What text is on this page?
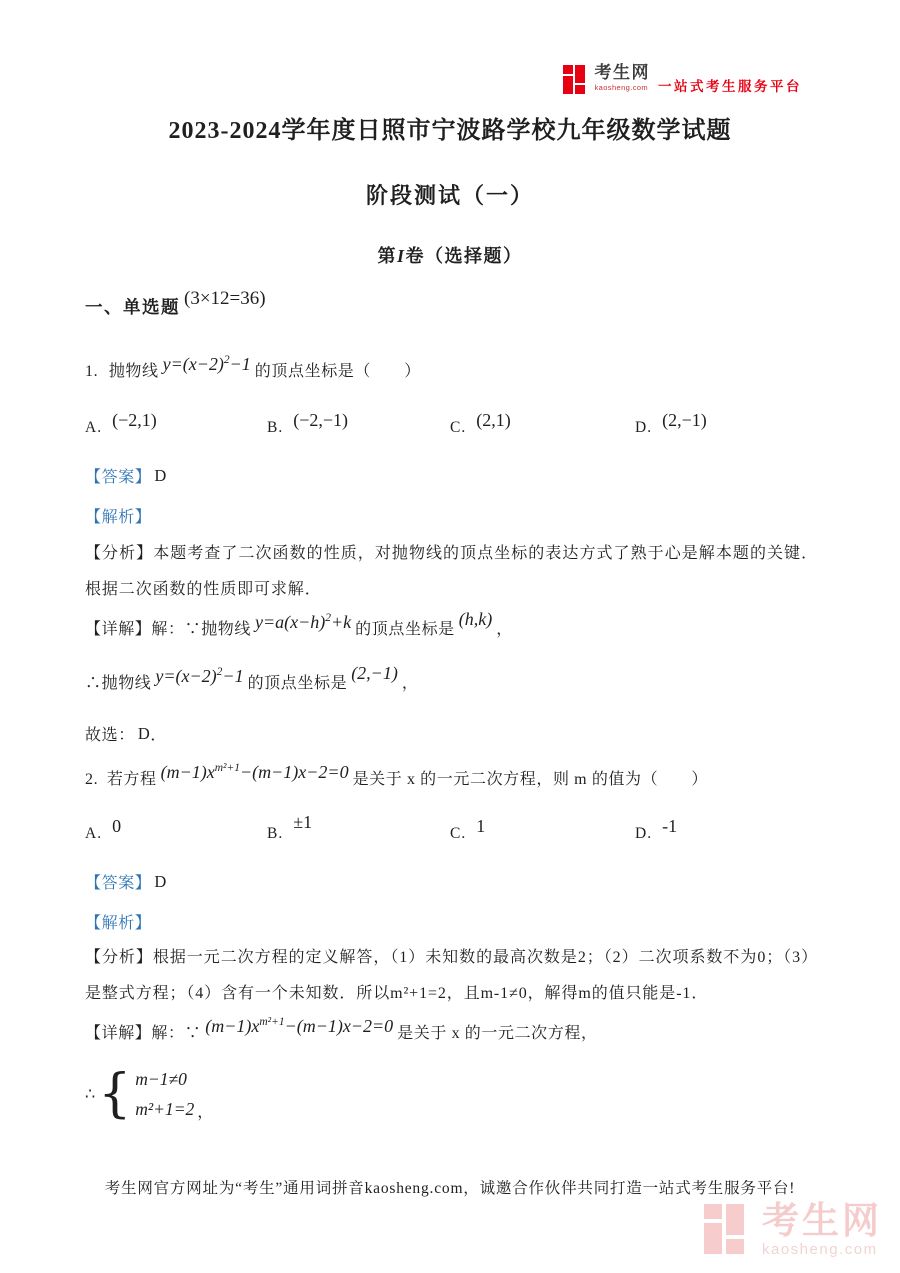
考生网
kaosheng.com 一站式考生服务平台
2023-2024学年度日照市宁波路学校九年级数学试题
阶段测试（一）
第I卷（选择题）
一、单选题 (3×12=36)
1. 抛物线 $y=(x-2)^2-1$ 的顶点坐标是（　　）
A. (−2,1)	B. (−2,−1)	C. (2,1)	D. (2,−1)
【答案】 D
【解析】
【分析】本题考查了二次函数的性质，对抛物线的顶点坐标的表达方式了熟于心是解本题的关键．根据二次函数的性质即可求解．
【详解】解：∵抛物线 $y=a(x-h)^2+k$ 的顶点坐标是(h,k)，
∴抛物线 $y=(x-2)^2-1$ 的顶点坐标是(2,−1)，
故选： D．
2. 若方程 $(m-1)x^{m^2+1}-(m-1)x-2=0$ 是关于 x 的一元二次方程，则 m 的值为（　　）
A. 0	B.±1
C. 1	D. -1
【答案】 D
【解析】
【分析】根据一元二次方程的定义解答，（1）未知数的最高次数是2；（2）二次项系数不为0；（3）是整式方程；（4）含有一个未知数．所以m²+1=2，且m-1≠0，解得m的值只能是-1．
【详解】解：∵ $(m-1)x^{m^2+1}-(m-1)x-2=0$ 是关于 x 的一元二次方程，
∴ { m−1≠0
m²+1=2 ，
考生网官方网址为“考生”通用词拼音kaosheng.com，诚邀合作伙伴共同打造一站式考生服务平台!
考生网
kaosheng.com
